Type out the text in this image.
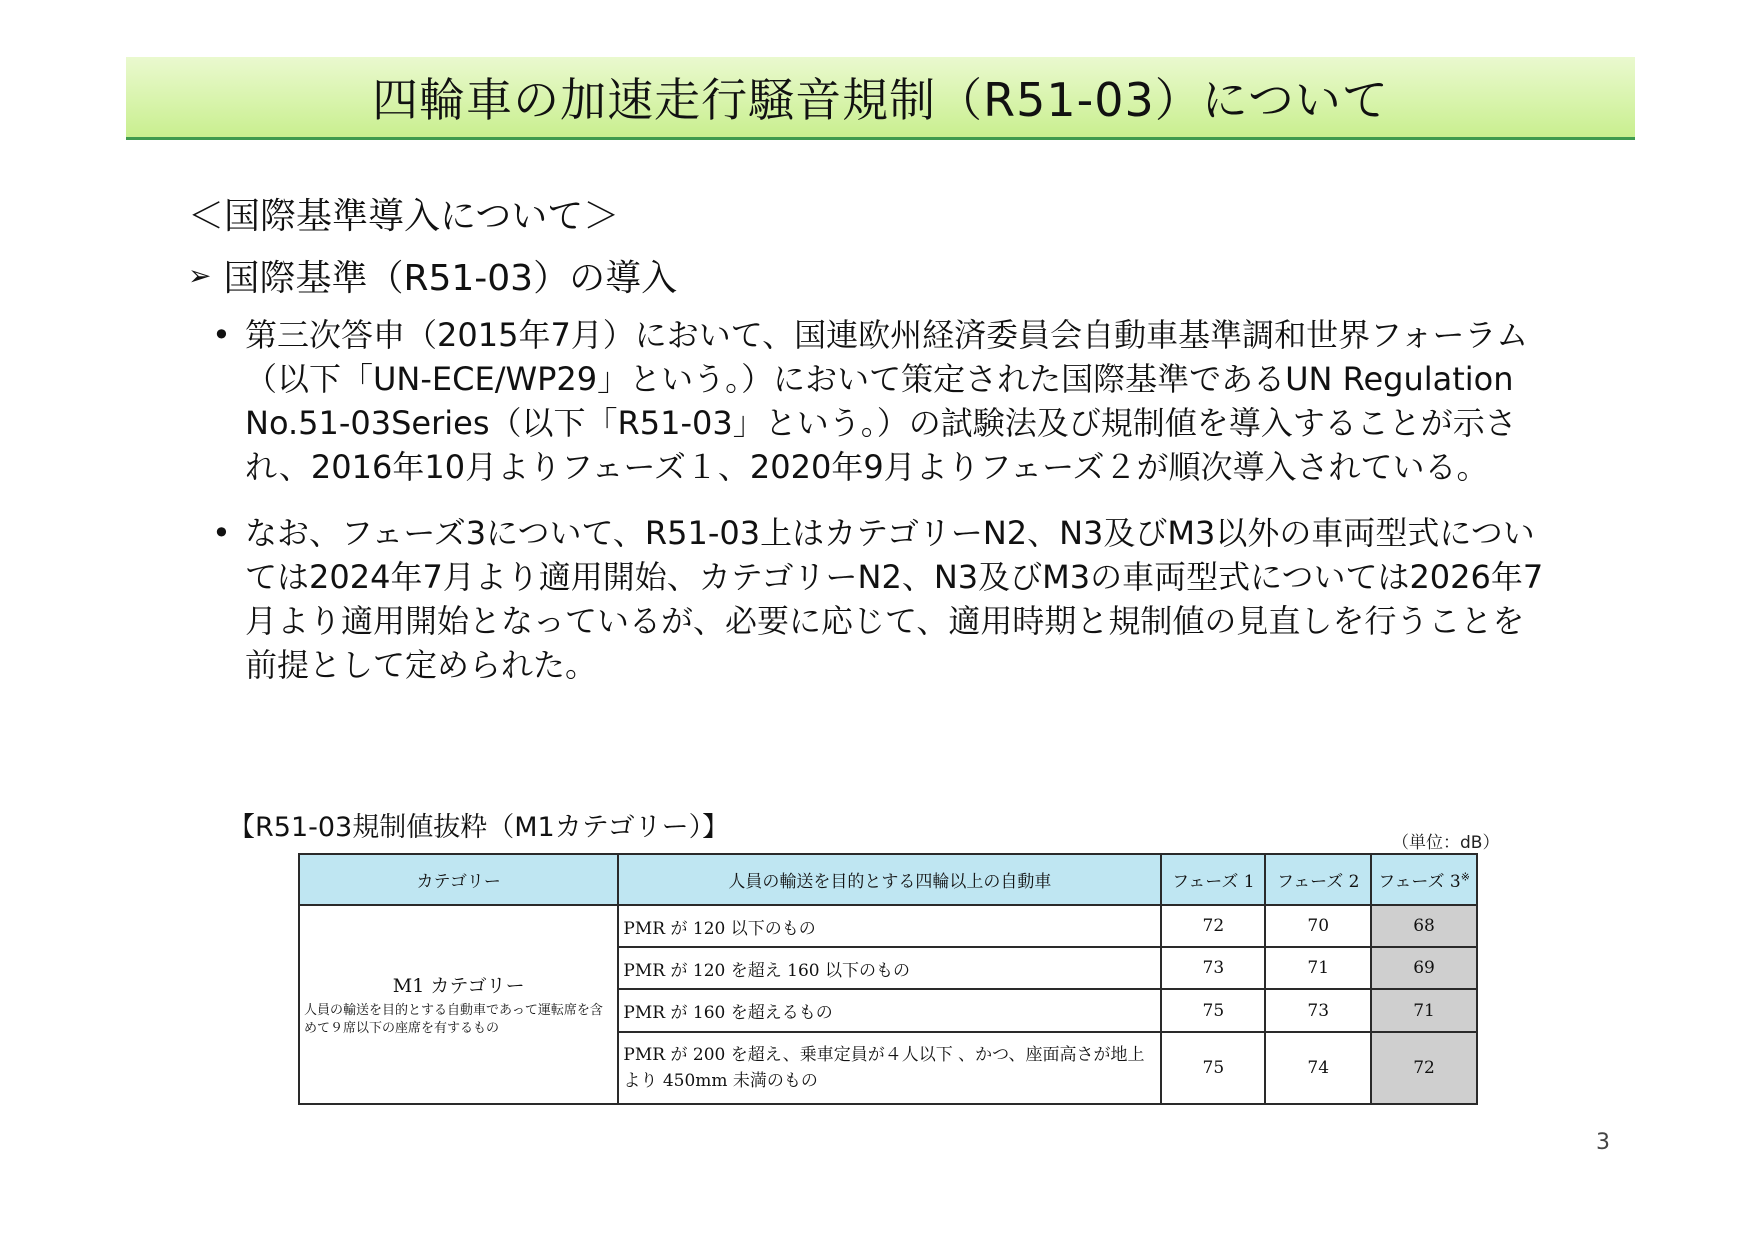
四輪車の加速走行騒音規制（R51-03）について
＜国際基準導入について＞
➢ 国際基準（R51-03）の導入
• 第三次答申（2015年7月）において、国連欧州経済委員会自動車基準調和世界フォーラム（以下「UN-ECE/WP29」という。）において策定された国際基準であるUN Regulation No.51-03Series（以下「R51-03」という。）の試験法及び規制値を導入することが示され、2016年10月よりフェーズ１、2020年9月よりフェーズ２が順次導入されている。
• なお、フェーズ3について、R51-03上はカテゴリーN2、N3及びM3以外の車両型式については2024年7月より適用開始、カテゴリーN2、N3及びM3の車両型式については2026年7月より適用開始となっているが、必要に応じて、適用時期と規制値の見直しを行うことを前提として定められた。
【R51-03規制値抜粋（M1カテゴリー）】	（単位：dB）
カテゴリー	人員の輸送を目的とする四輪以上の自動車	フェーズ 1	フェーズ 2	フェーズ 3※

M1 カテゴリー
人員の輸送を目的とする自動車であって運転席を含めて９席以下の座席を有するもの	PMR が 120 以下のもの	72	70	68
	PMR が 120 を超え 160 以下のもの	73	71	69
	PMR が 160 を超えるもの	75	73	71
	PMR が 200 を超え、乗車定員が４人以下 、かつ、座面高さが地上より 450mm 未満のもの	75	74	72
3
